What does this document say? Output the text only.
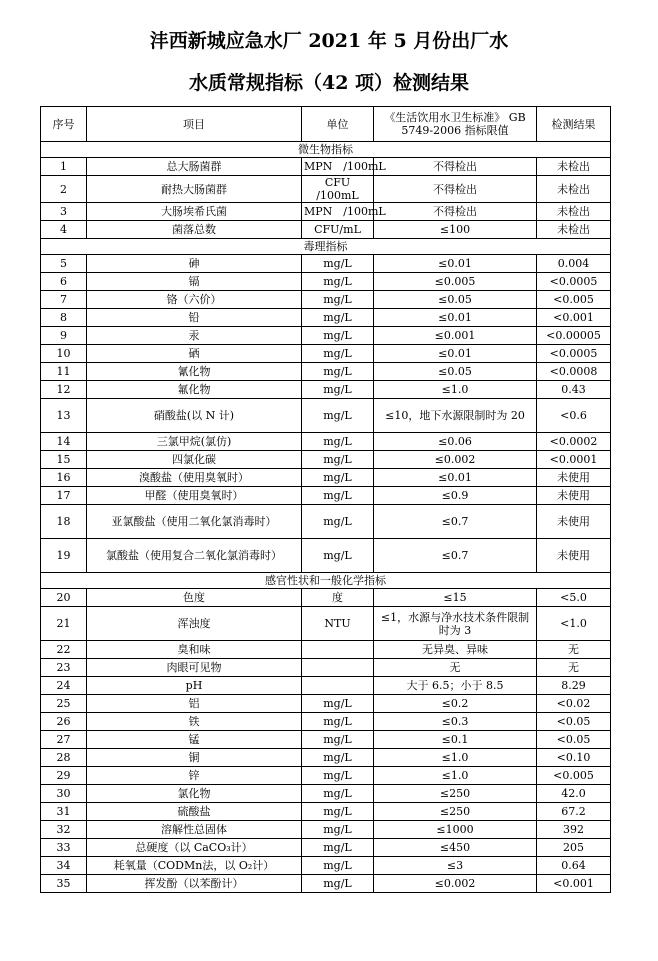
沣西新城应急水厂 2021 年 5 月份出厂水
水质常规指标（42 项）检测结果
序号	项目	单位	《生活饮用水卫生标准》 GB 5749-2006 指标限值	检测结果
微生物指标				
1	总大肠菌群	MPN　/100mL	不得检出	未检出
2	耐热大肠菌群	CFU /100mL	不得检出	未检出
3	大肠埃希氏菌	MPN　/100mL	不得检出	未检出
4	菌落总数	CFU/mL	≤100	未检出
毒理指标				
5	砷	mg/L	≤0.01	0.004
6	镉	mg/L	≤0.005	<0.0005
7	铬（六价）	mg/L	≤0.05	<0.005
8	铅	mg/L	≤0.01	<0.001
9	汞	mg/L	≤0.001	<0.00005
10	硒	mg/L	≤0.01	<0.0005
11	氰化物	mg/L	≤0.05	<0.0008
12	氟化物	mg/L	≤1.0	0.43
13	硝酸盐(以 N 计)	mg/L	≤10，地下水源限制时为 20	<0.6
14	三氯甲烷(氯仿)	mg/L	≤0.06	<0.0002
15	四氯化碳	mg/L	≤0.002	<0.0001
16	溴酸盐（使用臭氧时）	mg/L	≤0.01	未使用
17	甲醛（使用臭氧时）	mg/L	≤0.9	未使用
18	亚氯酸盐（使用二氧化氯消毒时）	mg/L	≤0.7	未使用
19	氯酸盐（使用复合二氧化氯消毒时）	mg/L	≤0.7	未使用
感官性状和一般化学指标				
20	色度	度	≤15	<5.0
21	浑浊度	NTU	≤1，水源与净水技术条件限制时为 3	<1.0
22	臭和味		无异臭、异味	无
23	肉眼可见物		无	无
24	pH		大于 6.5；小于 8.5	8.29
25	铝	mg/L	≤0.2	<0.02
26	铁	mg/L	≤0.3	<0.05
27	锰	mg/L	≤0.1	<0.05
28	铜	mg/L	≤1.0	<0.10
29	锌	mg/L	≤1.0	<0.005
30	氯化物	mg/L	≤250	42.0
31	硫酸盐	mg/L	≤250	67.2
32	溶解性总固体	mg/L	≤1000	392
33	总硬度（以 CaCO₃计）	mg/L	≤450	205
34	耗氧量（CODMn法，以 O₂计）	mg/L	≤3	0.64
35	挥发酚（以苯酚计）	mg/L	≤0.002	<0.001
